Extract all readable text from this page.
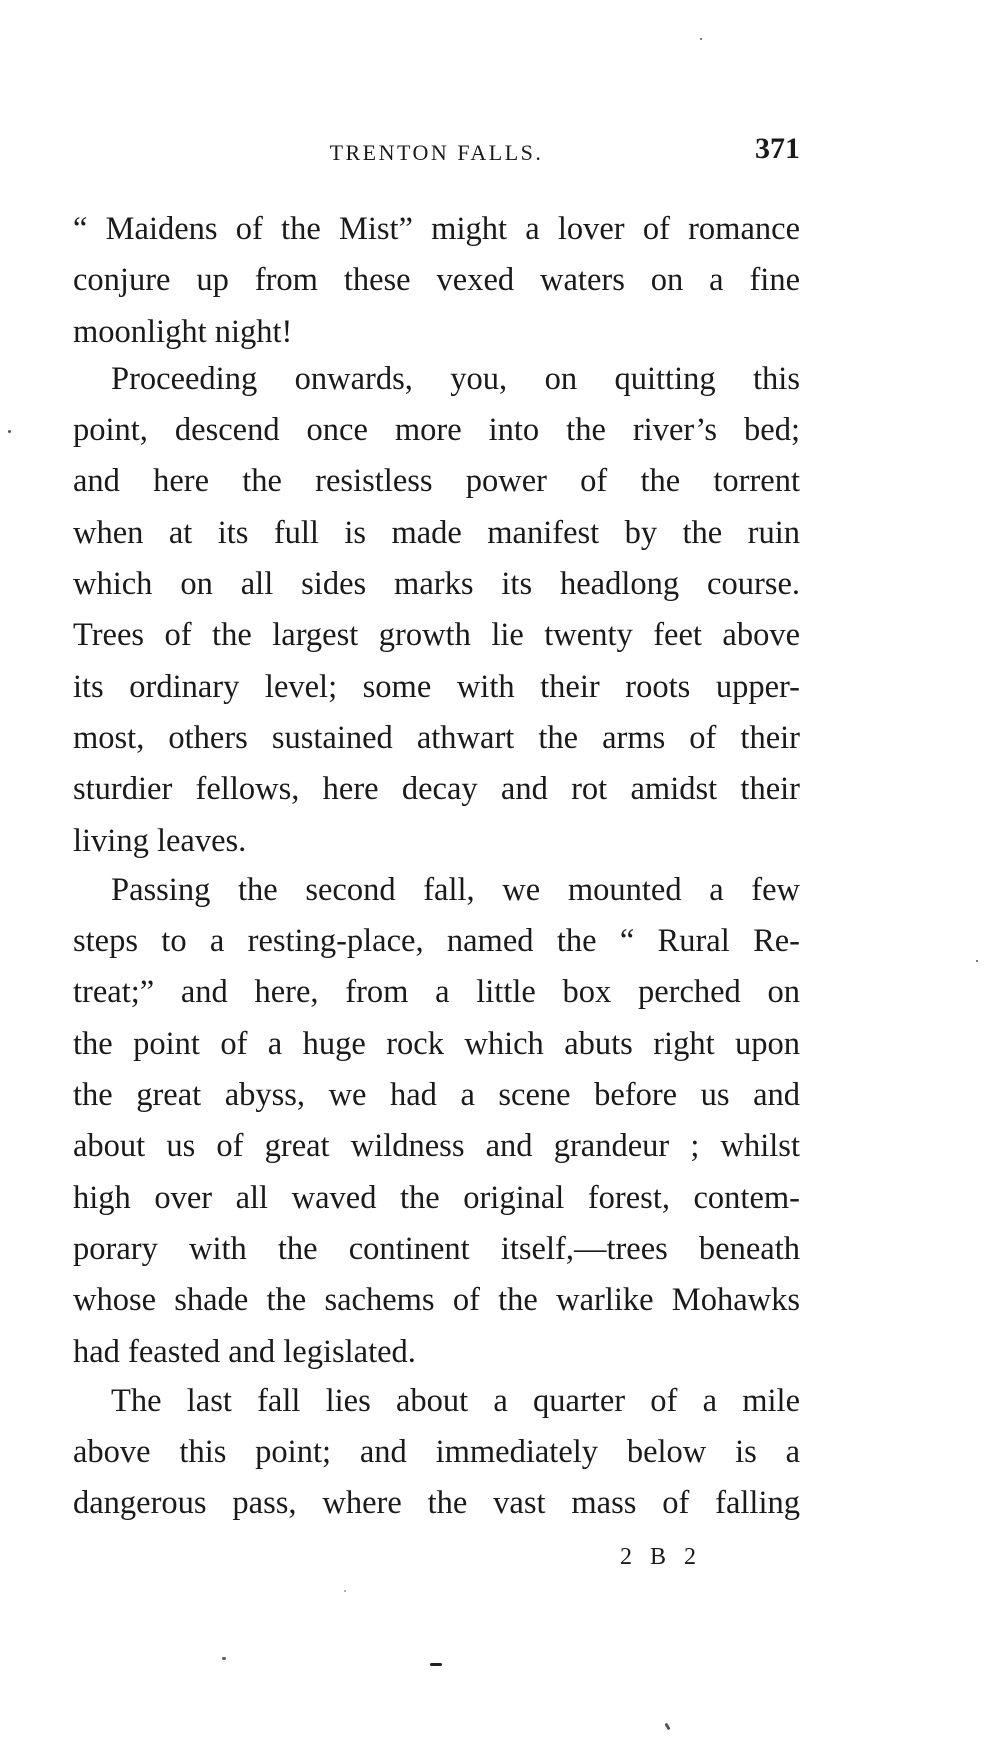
TRENTON FALLS.	371
“ Maidens of the Mist” might a lover of romance
conjure up from these vexed waters on a fine
moonlight night!
Proceeding onwards, you, on quitting this
point, descend once more into the river’s bed;
and here the resistless power of the torrent
when at its full is made manifest by the ruin
which on all sides marks its headlong course.
Trees of the largest growth lie twenty feet above
its ordinary level; some with their roots upper-
most, others sustained athwart the arms of their
sturdier fellows, here decay and rot amidst their
living leaves.
Passing the second fall, we mounted a few
steps to a resting-place, named the “ Rural Re-
treat;” and here, from a little box perched on
the point of a huge rock which abuts right upon
the great abyss, we had a scene before us and
about us of great wildness and grandeur ; whilst
high over all waved the original forest, contem-
porary with the continent itself,—trees beneath
whose shade the sachems of the warlike Mohawks
had feasted and legislated.
The last fall lies about a quarter of a mile
above this point; and immediately below is a
dangerous pass, where the vast mass of falling
2 B 2
